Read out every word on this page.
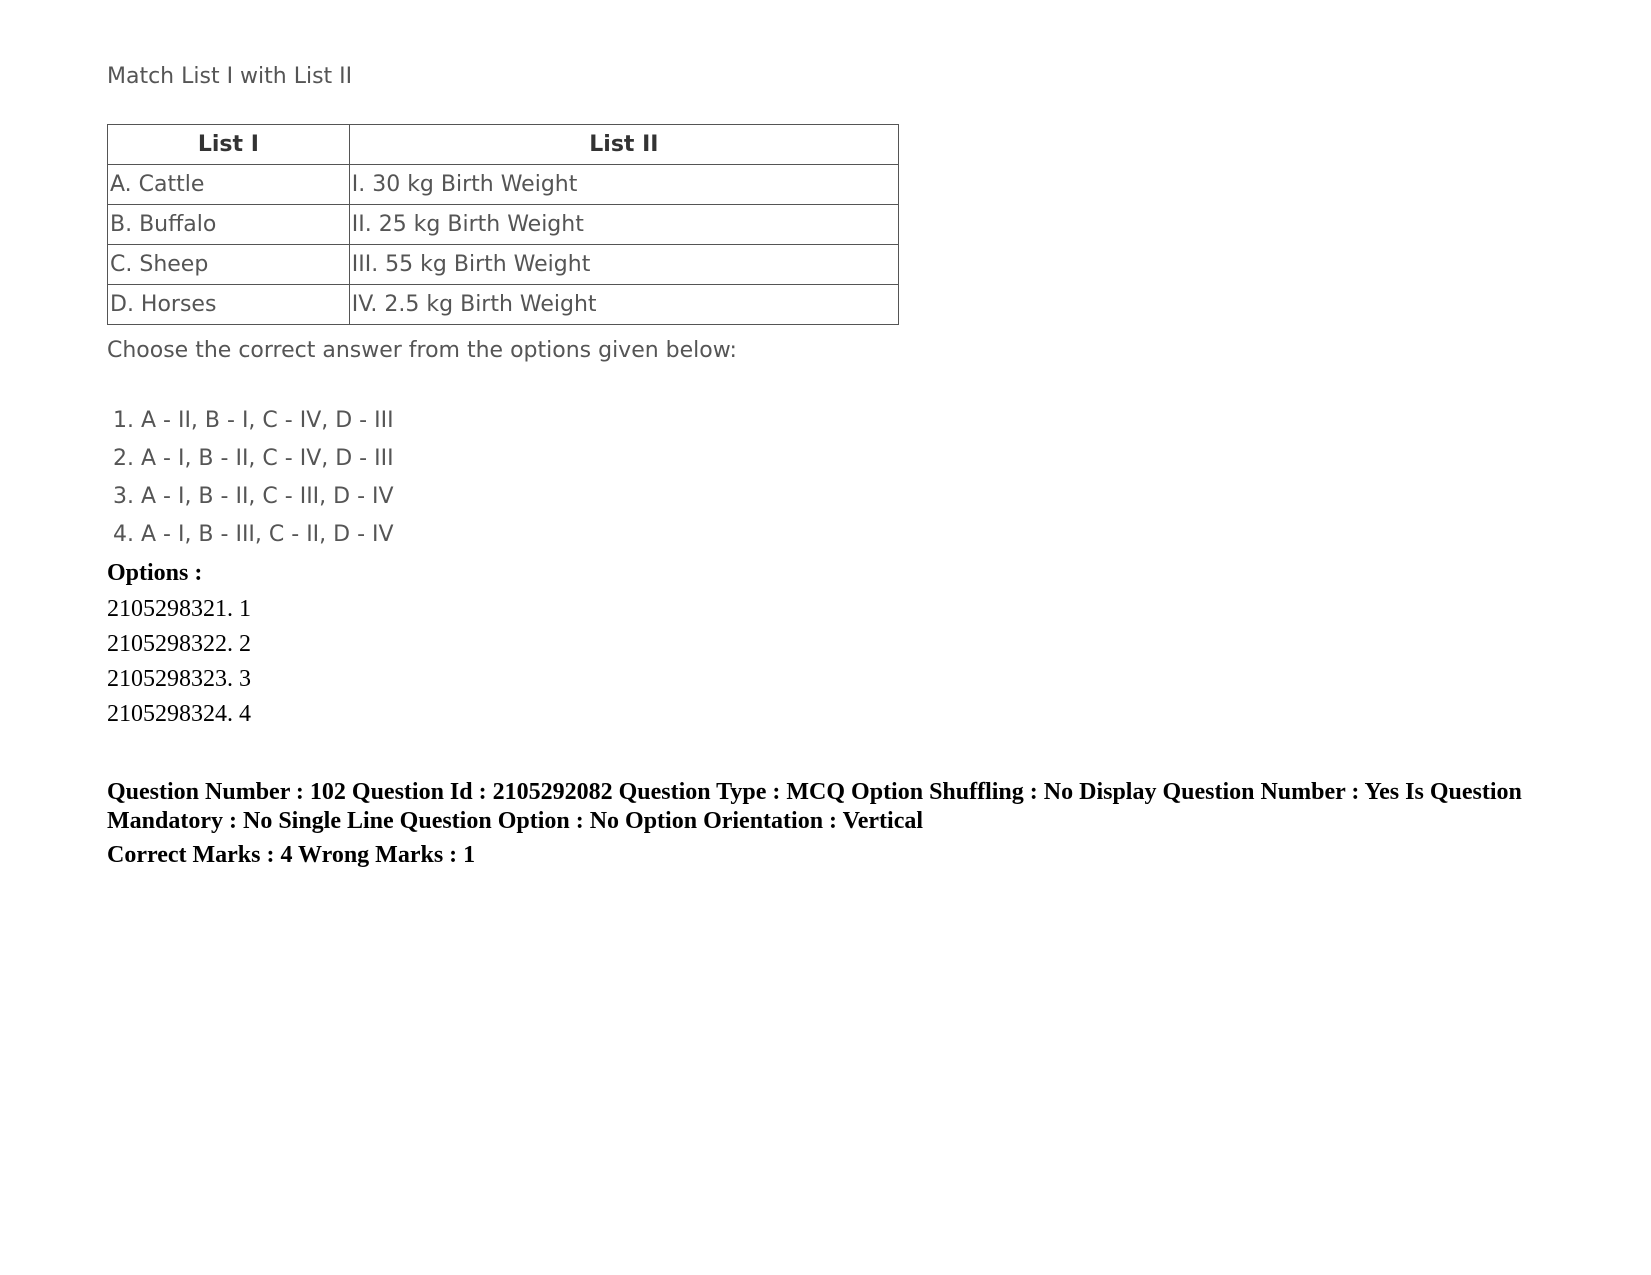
Match List I with List II
List I	List II
A. Cattle	I. 30 kg Birth Weight
B. Buffalo	II. 25 kg Birth Weight
C. Sheep	III. 55 kg Birth Weight
D. Horses	IV. 2.5 kg Birth Weight
Choose the correct answer from the options given below:
1. A - II, B - I, C - IV, D - III
2. A - I, B - II, C - IV, D - III
3. A - I, B - II, C - III, D - IV
4. A - I, B - III, C - II, D - IV
Options :
2105298321. 1
2105298322. 2
2105298323. 3
2105298324. 4
Question Number : 102 Question Id : 2105292082 Question Type : MCQ Option Shuffling : No Display Question Number : Yes Is Question Mandatory : No Single Line Question Option : No Option Orientation : Vertical
Correct Marks : 4 Wrong Marks : 1
